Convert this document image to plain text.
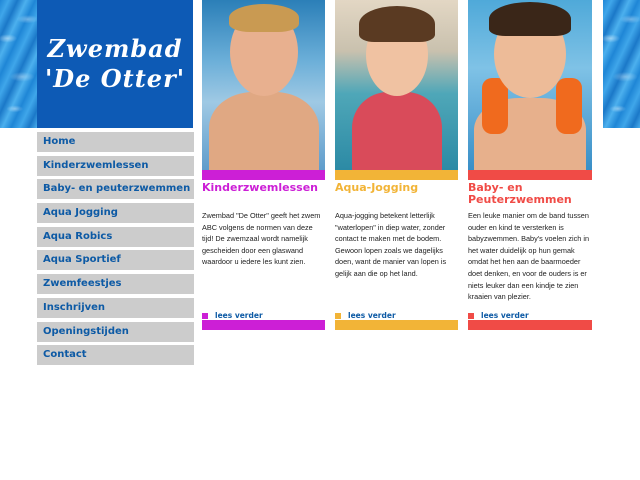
Zwembad
'De Otter'
Home
Kinderzwemlessen
Baby- en peuterzwemmen
Aqua Jogging
Aqua Robics
Aqua Sportief
Zwemfeestjes
Inschrijven
Openingstijden
Contact
Kinderzwemlessen

Zwembad "De Otter" geeft het zwem ABC volgens de normen van deze tijd! De zwemzaal wordt namelijk gescheiden door een glaswand waardoor u iedere les kunt zien.

lees verder
Aqua-Jogging

Aqua-jogging betekent letterlijk "waterlopen" in diep water, zonder contact te maken met de bodem. Gewoon lopen zoals we dagelijks doen, want de manier van lopen is gelijk aan die op het land.

lees verder
Baby- en Peuterzwemmen

Een leuke manier om de band tussen ouder en kind te versterken is babyzwemmen. Baby's voelen zich in het water duidelijk op hun gemak omdat het hen aan de baarmoeder doet denken, en voor de ouders is er niets leuker dan een kindje te zien kraaien van plezier.

lees verder
